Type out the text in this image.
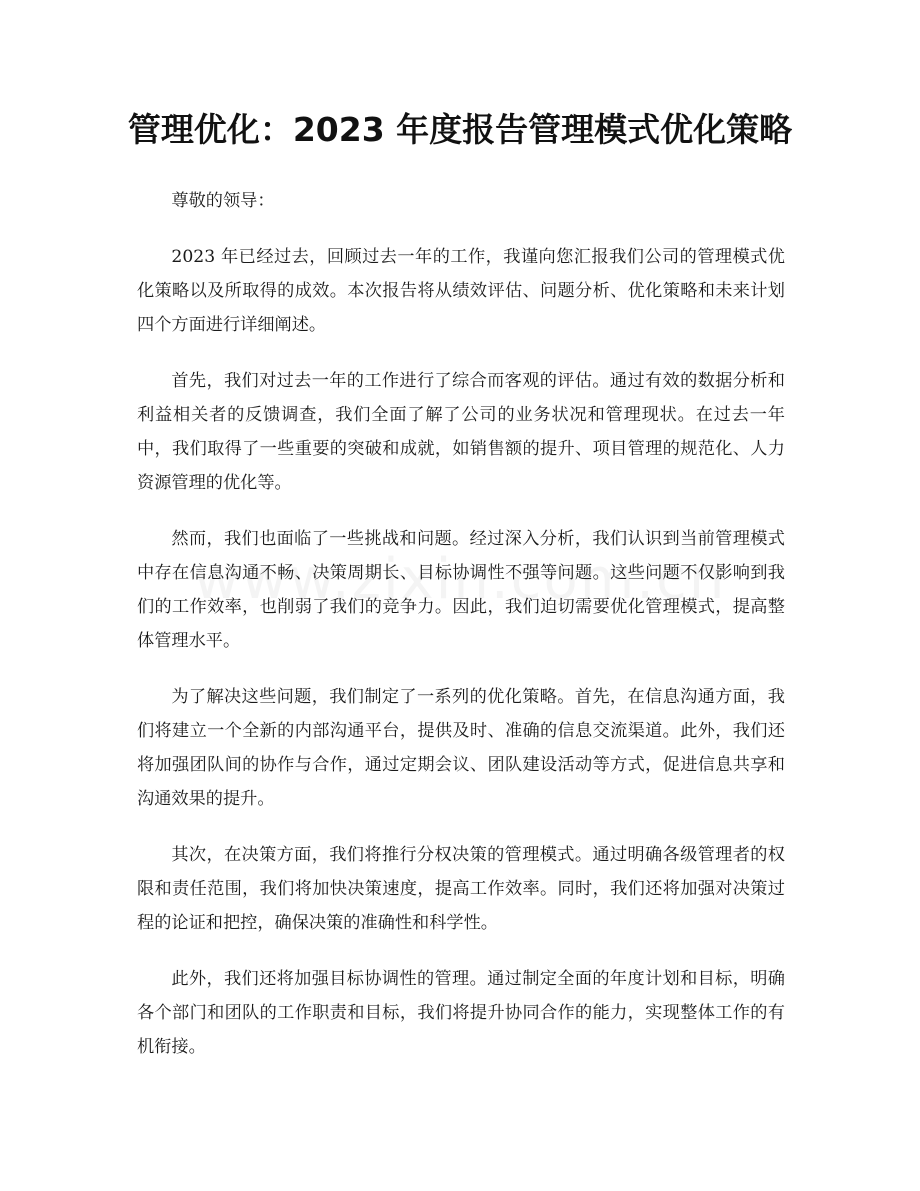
管理优化：2023 年度报告管理模式优化策略

尊敬的领导：

2023 年已经过去，回顾过去一年的工作，我谨向您汇报我们公司的管理模式优化策略以及所取得的成效。本次报告将从绩效评估、问题分析、优化策略和未来计划四个方面进行详细阐述。

首先，我们对过去一年的工作进行了综合而客观的评估。通过有效的数据分析和利益相关者的反馈调查，我们全面了解了公司的业务状况和管理现状。在过去一年中，我们取得了一些重要的突破和成就，如销售额的提升、项目管理的规范化、人力资源管理的优化等。

然而，我们也面临了一些挑战和问题。经过深入分析，我们认识到当前管理模式中存在信息沟通不畅、决策周期长、目标协调性不强等问题。这些问题不仅影响到我们的工作效率，也削弱了我们的竞争力。因此，我们迫切需要优化管理模式，提高整体管理水平。

为了解决这些问题，我们制定了一系列的优化策略。首先，在信息沟通方面，我们将建立一个全新的内部沟通平台，提供及时、准确的信息交流渠道。此外，我们还将加强团队间的协作与合作，通过定期会议、团队建设活动等方式，促进信息共享和沟通效果的提升。

其次，在决策方面，我们将推行分权决策的管理模式。通过明确各级管理者的权限和责任范围，我们将加快决策速度，提高工作效率。同时，我们还将加强对决策过程的论证和把控，确保决策的准确性和科学性。

此外，我们还将加强目标协调性的管理。通过制定全面的年度计划和目标，明确各个部门和团队的工作职责和目标，我们将提升协同合作的能力，实现整体工作的有机衔接。
